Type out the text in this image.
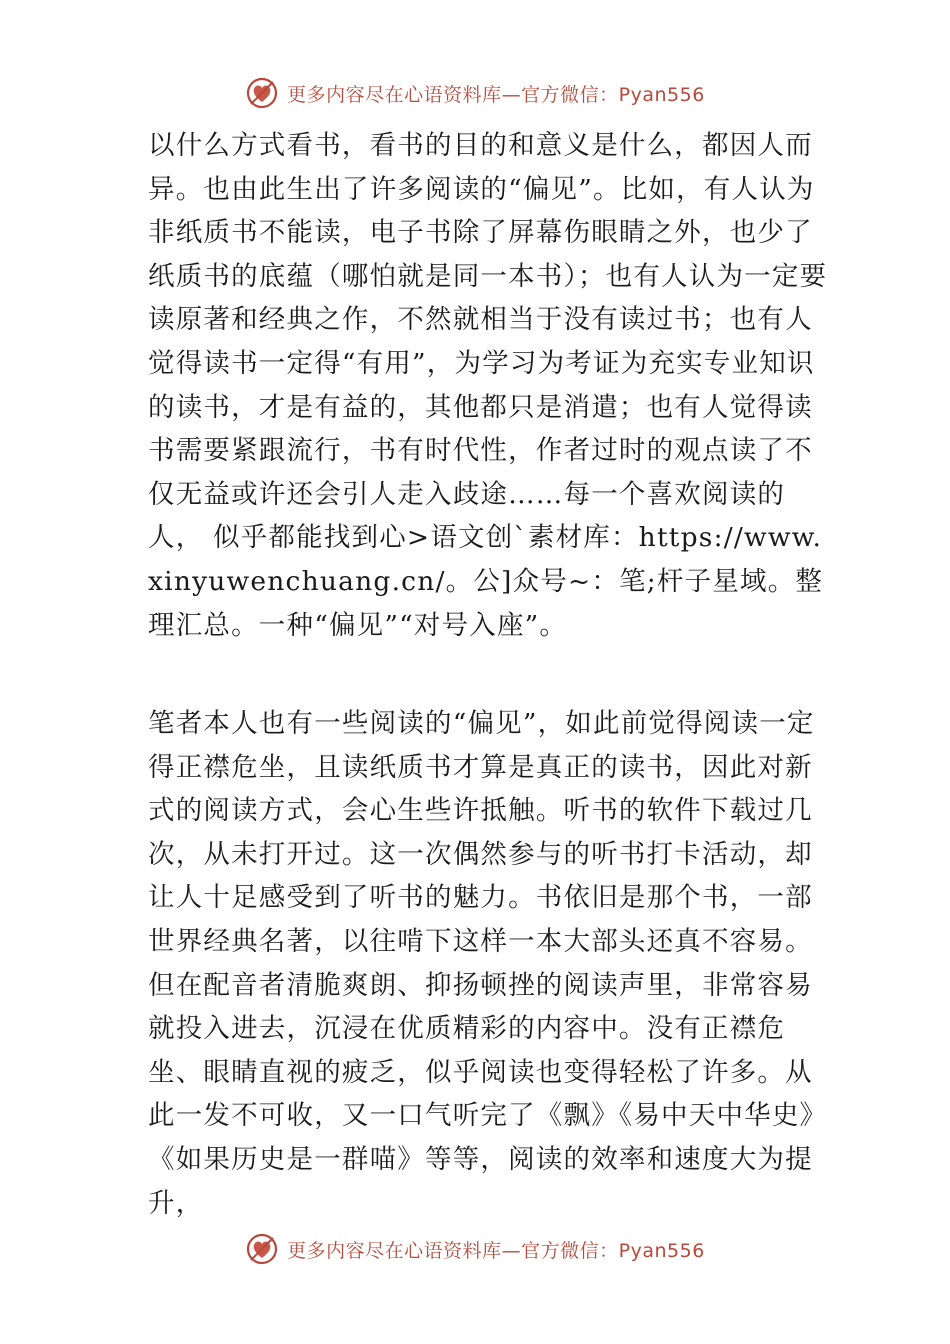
更多内容尽在心语资料库—官方微信：Pyan556
以什么方式看书，看书的目的和意义是什么，都因人而异。也由此生出了许多阅读的“偏见”。比如，有人认为非纸质书不能读，电子书除了屏幕伤眼睛之外，也少了纸质书的底蕴（哪怕就是同一本书）；也有人认为一定要读原著和经典之作，不然就相当于没有读过书；也有人觉得读书一定得“有用”，为学习为考证为充实专业知识的读书，才是有益的，其他都只是消遣；也有人觉得读 书需要紧跟流行，书有时代性，作者过时的观点读了不 仅无益或许还会引人走入歧途……每一个喜欢阅读的人， 似乎都能找到心>语文创`素材库：https://www.xinyuwenchuang.cn/。公]众号~：笔;杆子星域。整理汇总。一种“偏见”“对号入座”。
笔者本人也有一些阅读的“偏见”，如此前觉得阅读一定得正襟危坐，且读纸质书才算是真正的读书，因此对新式的阅读方式，会心生些许抵触。听书的软件下载过几次，从未打开过。这一次偶然参与的听书打卡活动，却让人十足感受到了听书的魅力。书依旧是那个书，一部世界经典名著，以往啃下这样一本大部头还真不容易。但在配音者清脆爽朗、抑扬顿挫的阅读声里，非常容易就投入进去，沉浸在优质精彩的内容中。没有正襟危坐、眼睛直视的疲乏，似乎阅读也变得轻松了许多。从此一发不可收，又一口气听完了《飘》《易中天中华史》《如果历史是一群喵》等等，阅读的效率和速度大为提升，
更多内容尽在心语资料库—官方微信：Pyan556
